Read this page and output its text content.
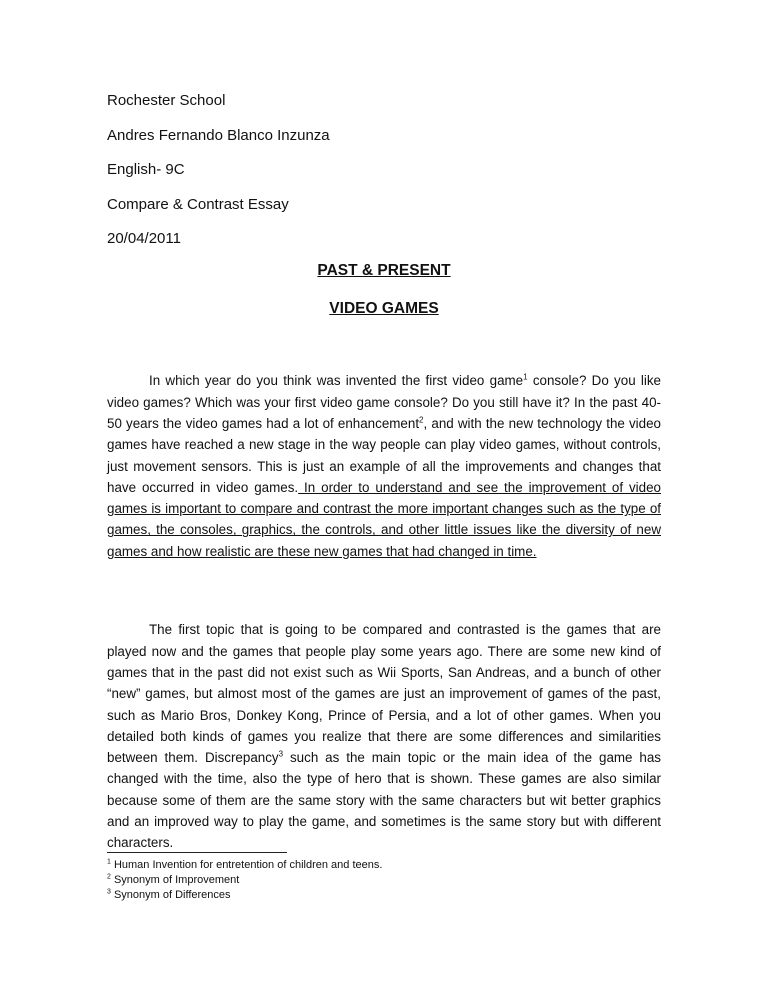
Rochester School
Andres Fernando Blanco Inzunza
English- 9C
Compare & Contrast Essay
20/04/2011
PAST & PRESENT
VIDEO GAMES

In which year do you think was invented the first video game$^1$ console? Do you like video games? Which was your first video game console? Do you still have it? In the past 40-50 years the video games had a lot of enhancement$^2$, and with the new technology the video games have reached a new stage in the way people can play video games, without controls, just movement sensors. This is just an example of all the improvements and changes that have occurred in video games. In order to understand and see the improvement of video games is important to compare and contrast the more important changes such as the type of games, the consoles, graphics, the controls, and other little issues like the diversity of new games and how realistic are these new games that had changed in time.

The first topic that is going to be compared and contrasted is the games that are played now and the games that people play some years ago. There are some new kind of games that in the past did not exist such as Wii Sports, San Andreas, and a bunch of other “new” games, but almost most of the games are just an improvement of games of the past, such as Mario Bros, Donkey Kong, Prince of Persia, and a lot of other games. When you detailed both kinds of games you realize that there are some differences and similarities between them. Discrepancy$^3$ such as the main topic or the main idea of the game has changed with the time, also the type of hero that is shown. These games are also similar because some of them are the same story with the same characters but wit better graphics and an improved way to play the game, and sometimes is the same story but with different characters.

$^1$ Human Invention for entretention of children and teens.
$^2$ Synonym of Improvement
$^3$ Synonym of Differences
